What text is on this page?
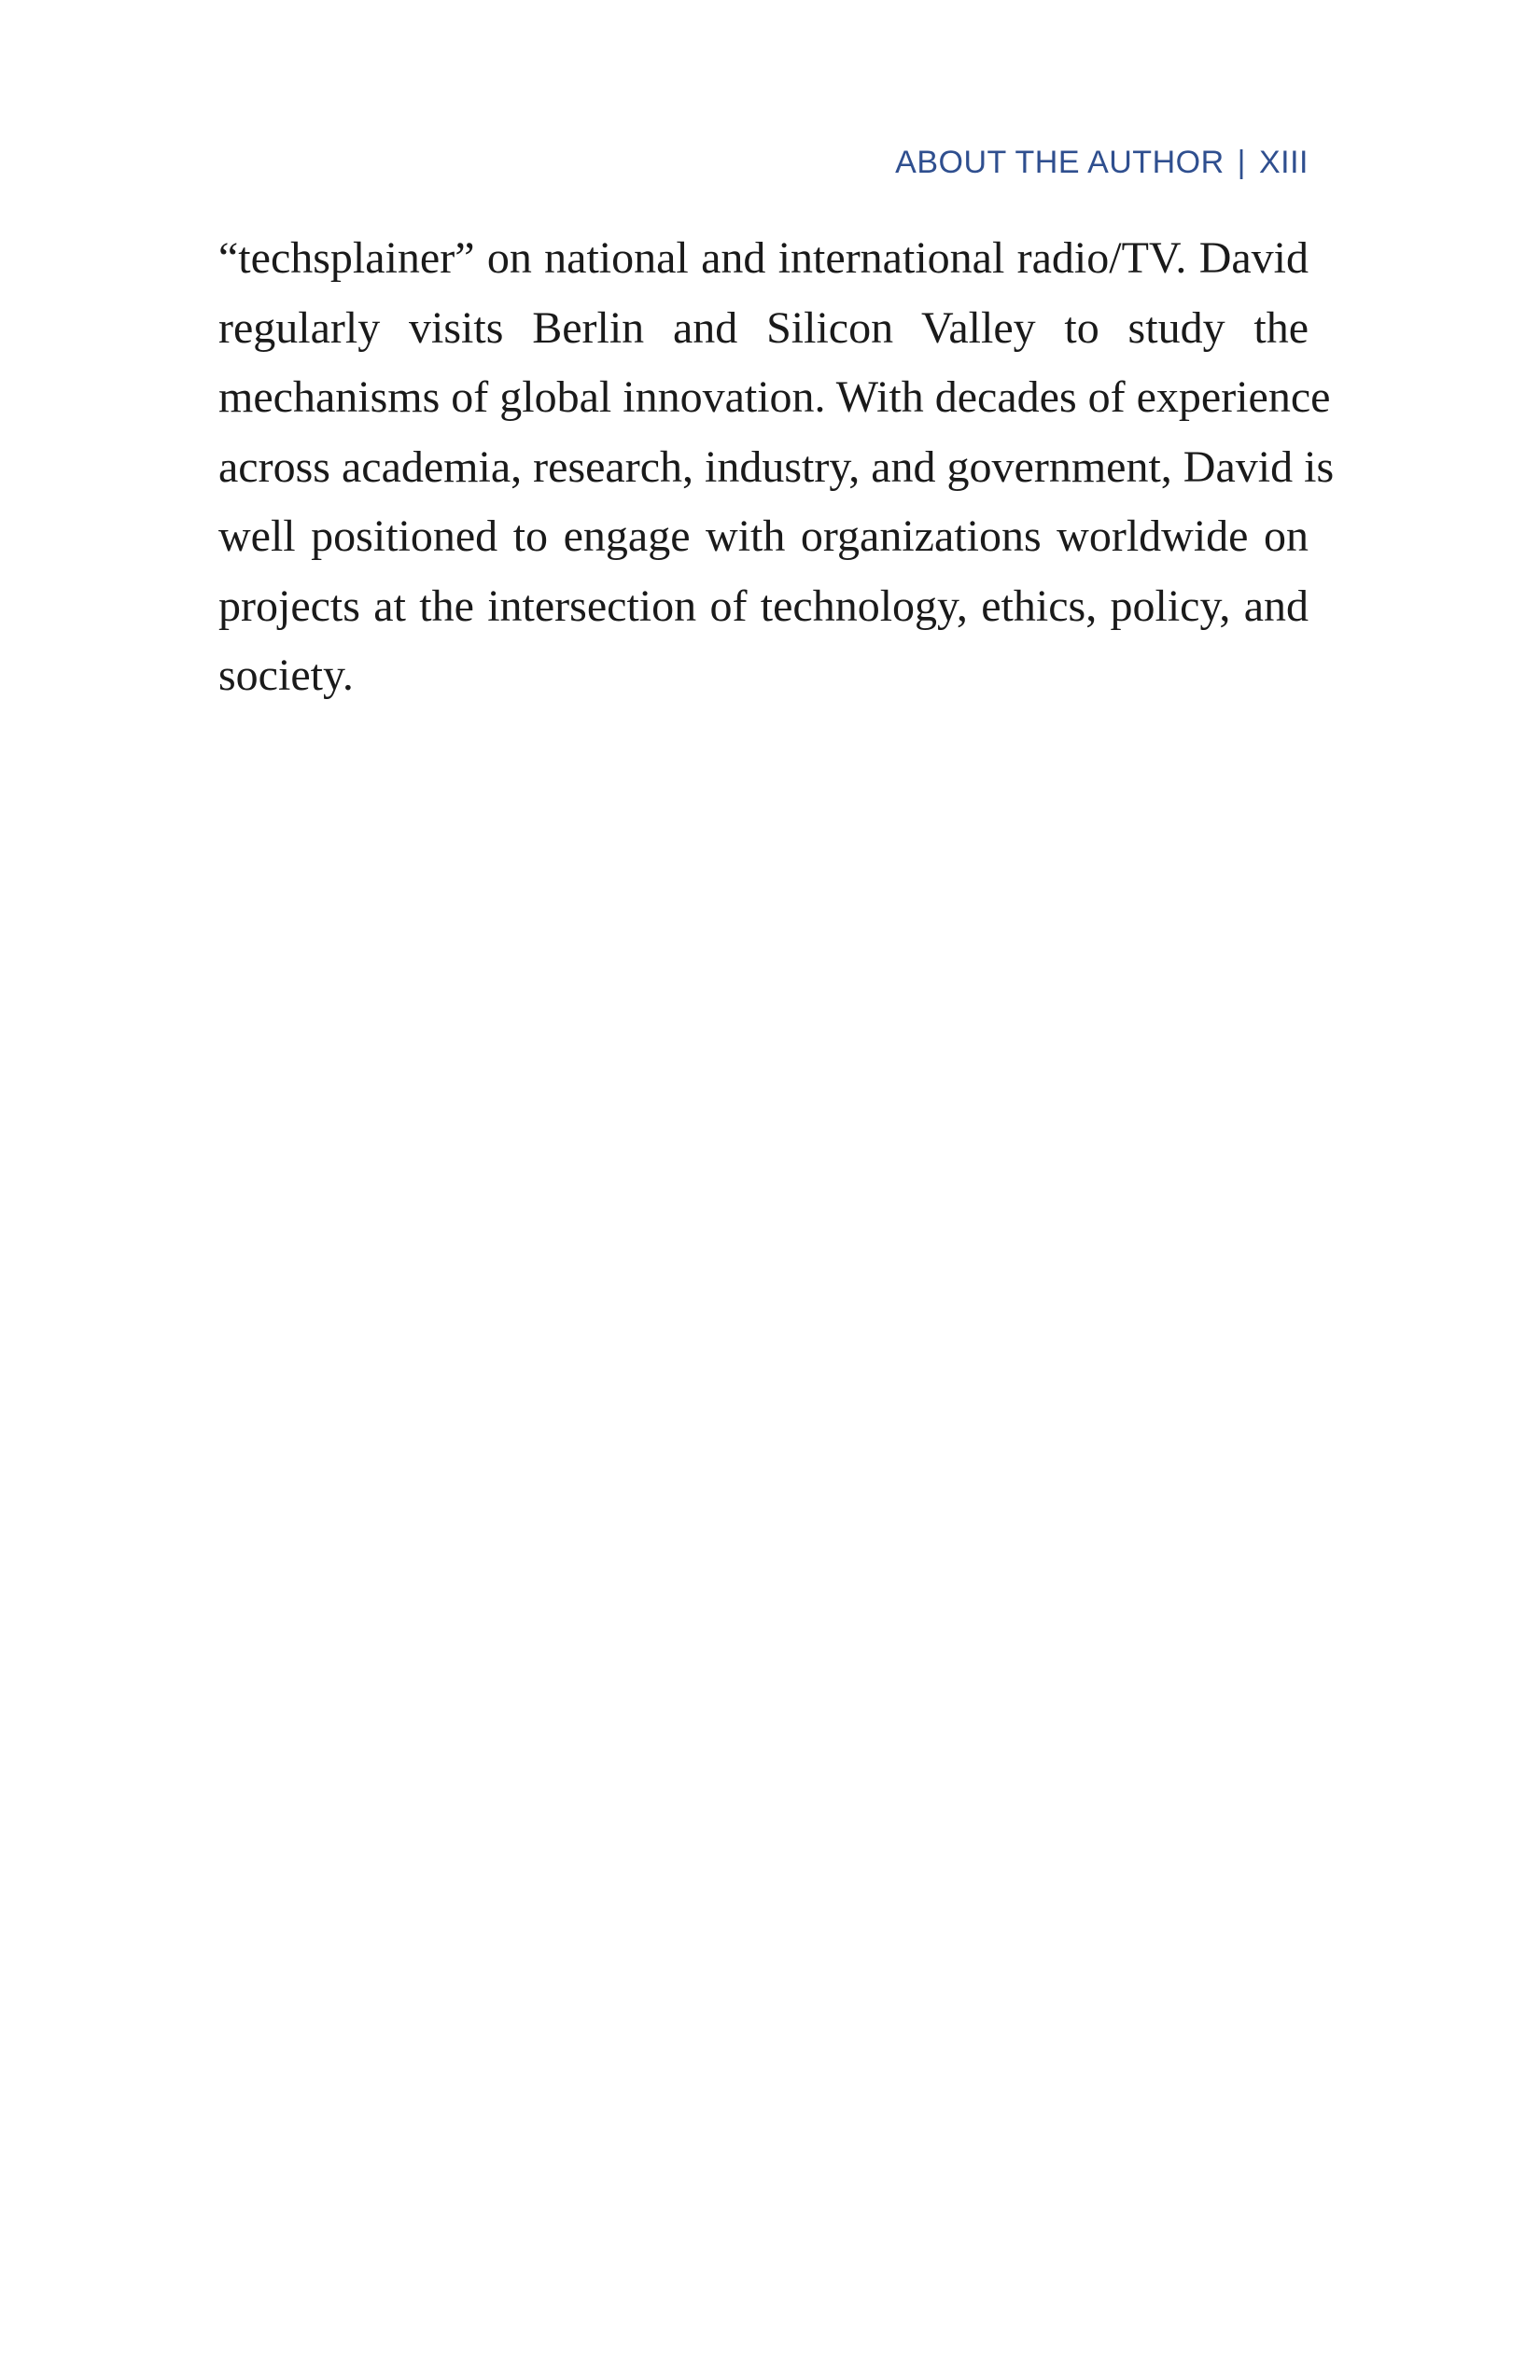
ABOUT THE AUTHOR | XIII

“techsplainer” on national and international radio/TV. David
regularly visits Berlin and Silicon Valley to study the
mechanisms of global innovation. With decades of experience
across academia, research, industry, and government, David is
well positioned to engage with organizations worldwide on
projects at the intersection of technology, ethics, policy, and
society.
